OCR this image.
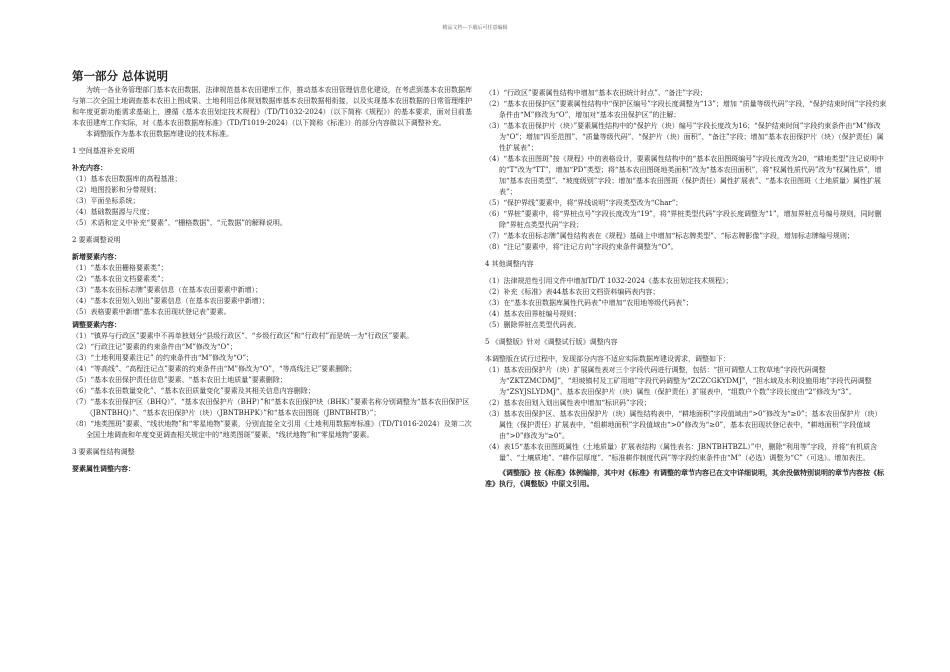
精品文档---下载后可任意编辑
第一部分 总体说明
为统一各业务管理部门基本农田数据，法律规范基本农田建库工作，推动基本农田管理信息化建设，在考虑到基本农田数据库与第二次全国土地调查基本农田上图成果、土地利用总体规划数据库基本农田数据相衔接，以及实现基本农田数据的日常管理维护和年度更新功能需求基础上，遵循《基本农田划定技术规程》（TD/T1032-2024）（以下简称《规程》）的基本要求，面对目前基本农田建库工作实际，对《基本农田数据库标准》（TD/T1019-2024）（以下简称《标准》）的部分内容做以下调整补充。
本调整版作为基本农田数据库建设的技术标准。
1 空间基准补充说明
补充内容：
（1）基本农田数据库的高程基准；
（2）地图投影和分带规则；
（3）平面坐标系统；
（4）基础数据源与尺度；
（5）术语和定义中补充“要素”、“栅格数据”、“元数据”的解释说明。
2 要素调整说明
新增要素内容：
（1）“基本农田栅格要素类”；
（2）“基本农田文档要素类”；
（3）“基本农田标志牌”要素信息（在基本农田要素中新增）；
（4）“基本农田划入划出”要素信息（在基本农田要素中新增）；
（5）表格要素中新增“基本农田现状登记表”要素。
调整要素内容：
（1）“镇界与行政区”要素中不再单独划分“县级行政区”、“乡级行政区”和“行政村”而是统一为“行政区”要素。
（2）“行政注记”要素的约束条件由“M”修改为“O”；
（3）“土地利用要素注记” 的约束条件由“M”修改为“O”；
（4）“等高线”、“高程注记点”要素的约束条件由“M”修改为“O”，“等高线注记”要素删除；
（5）“基本农田保护责任信息”要素、“基本农田土地质量”要素删除；
（6）“基本农田数量变化”、“基本农田质量变化”要素及其相关信息内容删除；
（7）“基本农田保护区（BHQ）”、“基本农田保护片（BHP）”和“基本农田保护块（BHK）”要素名称分别调整为“基本农田保护区（JBNTBHQ）”、“基本农田保护片（块）（JBNTBHPK）”和“基本农田图斑（JBNTBHTB）”；
（8）“地类图斑”要素、“线状地物”和“零星地物”要素，分别直接全文引用《土地利用数据库标准》（TD/T1016-2024）及第二次全国土地调查和年度变更调查相关规定中的“地类图斑”要素、“线状地物”和“零星地物”要素。
3 要素属性结构调整
要素属性调整内容：
（1）“行政区”要素属性结构中增加“基本农田统计时点”、“备注”字段；
（2）“基本农田保护区”要素属性结构中“保护区编号”字段长度调整为“13”；增加 “质量等级代码”字段，“保护结束时间”字段约束条件由“M”修改为“O”，增加对“基本农田保护区”的注解；
（3）“基本农田保护片（块）”要素属性结构中的“保护片（块）编号”字段长度改为16；“保护结束时间”字段约束条件由“M”修改为“O”；增加“四至范围”、“质量等级代码”、“保护片（块）面积”、“备注”字段；增加“基本农田保护片（块）（保护责任）属性扩展表”；
（4）“基本农田图斑”按《规程》中的表格设计，要素属性结构中的“基本农田图斑编号”字段长度改为20，“耕地类型”注记说明中的“T”改为“TT”，增加“PD”类型；将“基本农田图斑地类面积”改为“基本农田面积”，将“权属性质代码”改为“权属性质”，增加“基本农田类型”、“坡度级别”字段；增加“基本农田图斑（保护责任）属性扩展表”、“基本农田图斑（土地质量）属性扩展表”；
（5）“保护界线”要素中，将“界线说明”字段类型改为“Char”；
（6）“界桩”要素中，将“界桩点号”字段长度改为“19”，将“界桩类型代码”字段长度调整为“1”，增加界桩点号编号规则，同时删除“界桩点类型代码”字段；
（7）“基本农田标志牌”属性结构表在《规程》基础上中增加“标志牌类型”、“标志牌影像”字段，增加标志牌编号规则；
（8）“注记”要素中，将“注记方向”字段约束条件调整为“O”。
4 其他调整内容
（1）法律规范性引用文件中增加TD/T 1032-2024《基本农田划定技术规程》；
（2）补充《标准》表44基本农田文档资料编码表内容；
（3）在“基本农田数据库属性代码表”中增加“农用地等级代码表”；
（4）基本农田界桩编号规则；
（5）删除界桩点类型代码表。
5 《调整版》针对《调整试行版》调整内容
本调整版在试行过程中，发现部分内容不适应实际数据库建设需求，调整如下：
（1）基本农田保护片（块）扩展属性表对三个字段代码进行调整，包括：“担可调整人工牧草地”字段代码调整为“ZKTZMCDMJ”，“坦坡镇村及工矿用地”字段代码调整为“ZCZCGKYDMJ”，“担水域及水利设施用地”字段代码调整为“ZSYJSLYDMJ”。基本农田保护片（块）属性（保护责任）扩展表中，“组数户个数”字段长度由“2”修改为“3”。
（2）基本农田划入划出属性表中增加“标识码”字段；
（3）基本农田保护区、基本农田保护片（块）属性结构表中，“耕地面积”字段值域由“>0”修改为“≥0”；基本农田保护片（块）属性（保护责任）扩展表中，“组耕地面积”字段值域由“>0”修改为“≥0”，基本农田现状登记表中，“耕地面积”字段值域由“>0”修改为“≥0”。
（4）表15“基本农田图斑属性（土地质量）扩展表结构（属性表名：JBNTBHTBZL）”中，删除“利用等”字段，并将“有机质含量”、“土壤质地”、“耕作层厚度”、“标准耕作制度代码”等字段约束条件由“M”（必选）调整为“C”（可选）。增加表注。
《调整版》按《标准》体例编排，其中对《标准》有调整的章节内容已在文中详细说明，其余没做特别说明的章节内容按《标准》执行，《调整版》中原文引用。
